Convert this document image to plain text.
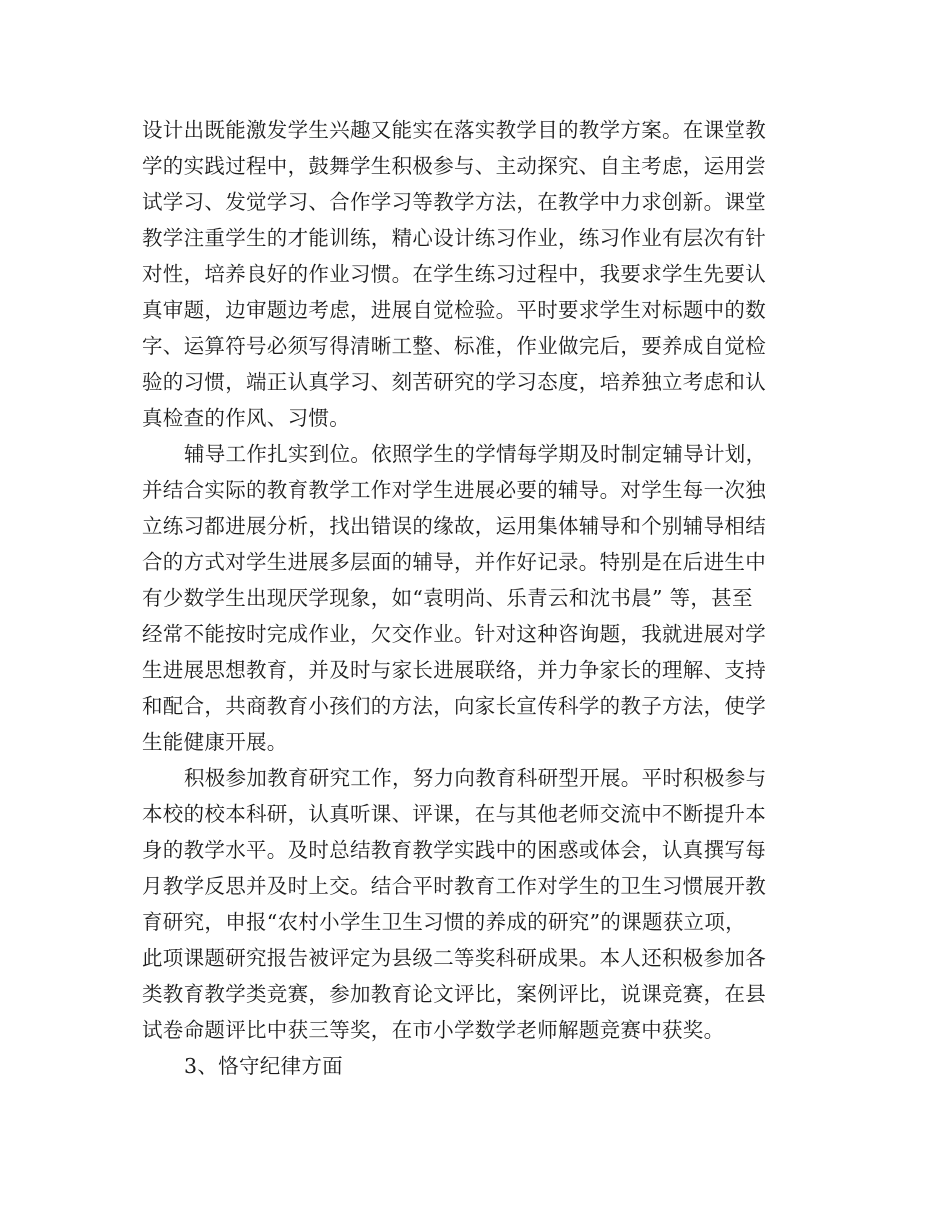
设计出既能激发学生兴趣又能实在落实教学目的教学方案。在课堂教
学的实践过程中，鼓舞学生积极参与、主动探究、自主考虑，运用尝
试学习、发觉学习、合作学习等教学方法，在教学中力求创新。课堂
教学注重学生的才能训练，精心设计练习作业，练习作业有层次有针
对性，培养良好的作业习惯。在学生练习过程中，我要求学生先要认
真审题，边审题边考虑，进展自觉检验。平时要求学生对标题中的数
字、运算符号必须写得清晰工整、标准，作业做完后，要养成自觉检
验的习惯，端正认真学习、刻苦研究的学习态度，培养独立考虑和认
真检查的作风、习惯。
辅导工作扎实到位。依照学生的学情每学期及时制定辅导计划，
并结合实际的教育教学工作对学生进展必要的辅导。对学生每一次独
立练习都进展分析，找出错误的缘故，运用集体辅导和个别辅导相结
合的方式对学生进展多层面的辅导，并作好记录。特别是在后进生中
有少数学生出现厌学现象，如“袁明尚、乐青云和沈书晨” 等，甚至
经常不能按时完成作业，欠交作业。针对这种咨询题，我就进展对学
生进展思想教育，并及时与家长进展联络，并力争家长的理解、支持
和配合，共商教育小孩们的方法，向家长宣传科学的教子方法，使学
生能健康开展。
积极参加教育研究工作，努力向教育科研型开展。平时积极参与
本校的校本科研，认真听课、评课，在与其他老师交流中不断提升本
身的教学水平。及时总结教育教学实践中的困惑或体会，认真撰写每
月教学反思并及时上交。结合平时教育工作对学生的卫生习惯展开教
育研究，申报“农村小学生卫生习惯的养成的研究”的课题获立项，
此项课题研究报告被评定为县级二等奖科研成果。本人还积极参加各
类教育教学类竞赛，参加教育论文评比，案例评比，说课竞赛，在县
试卷命题评比中获三等奖，在市小学数学老师解题竞赛中获奖。
3、恪守纪律方面
